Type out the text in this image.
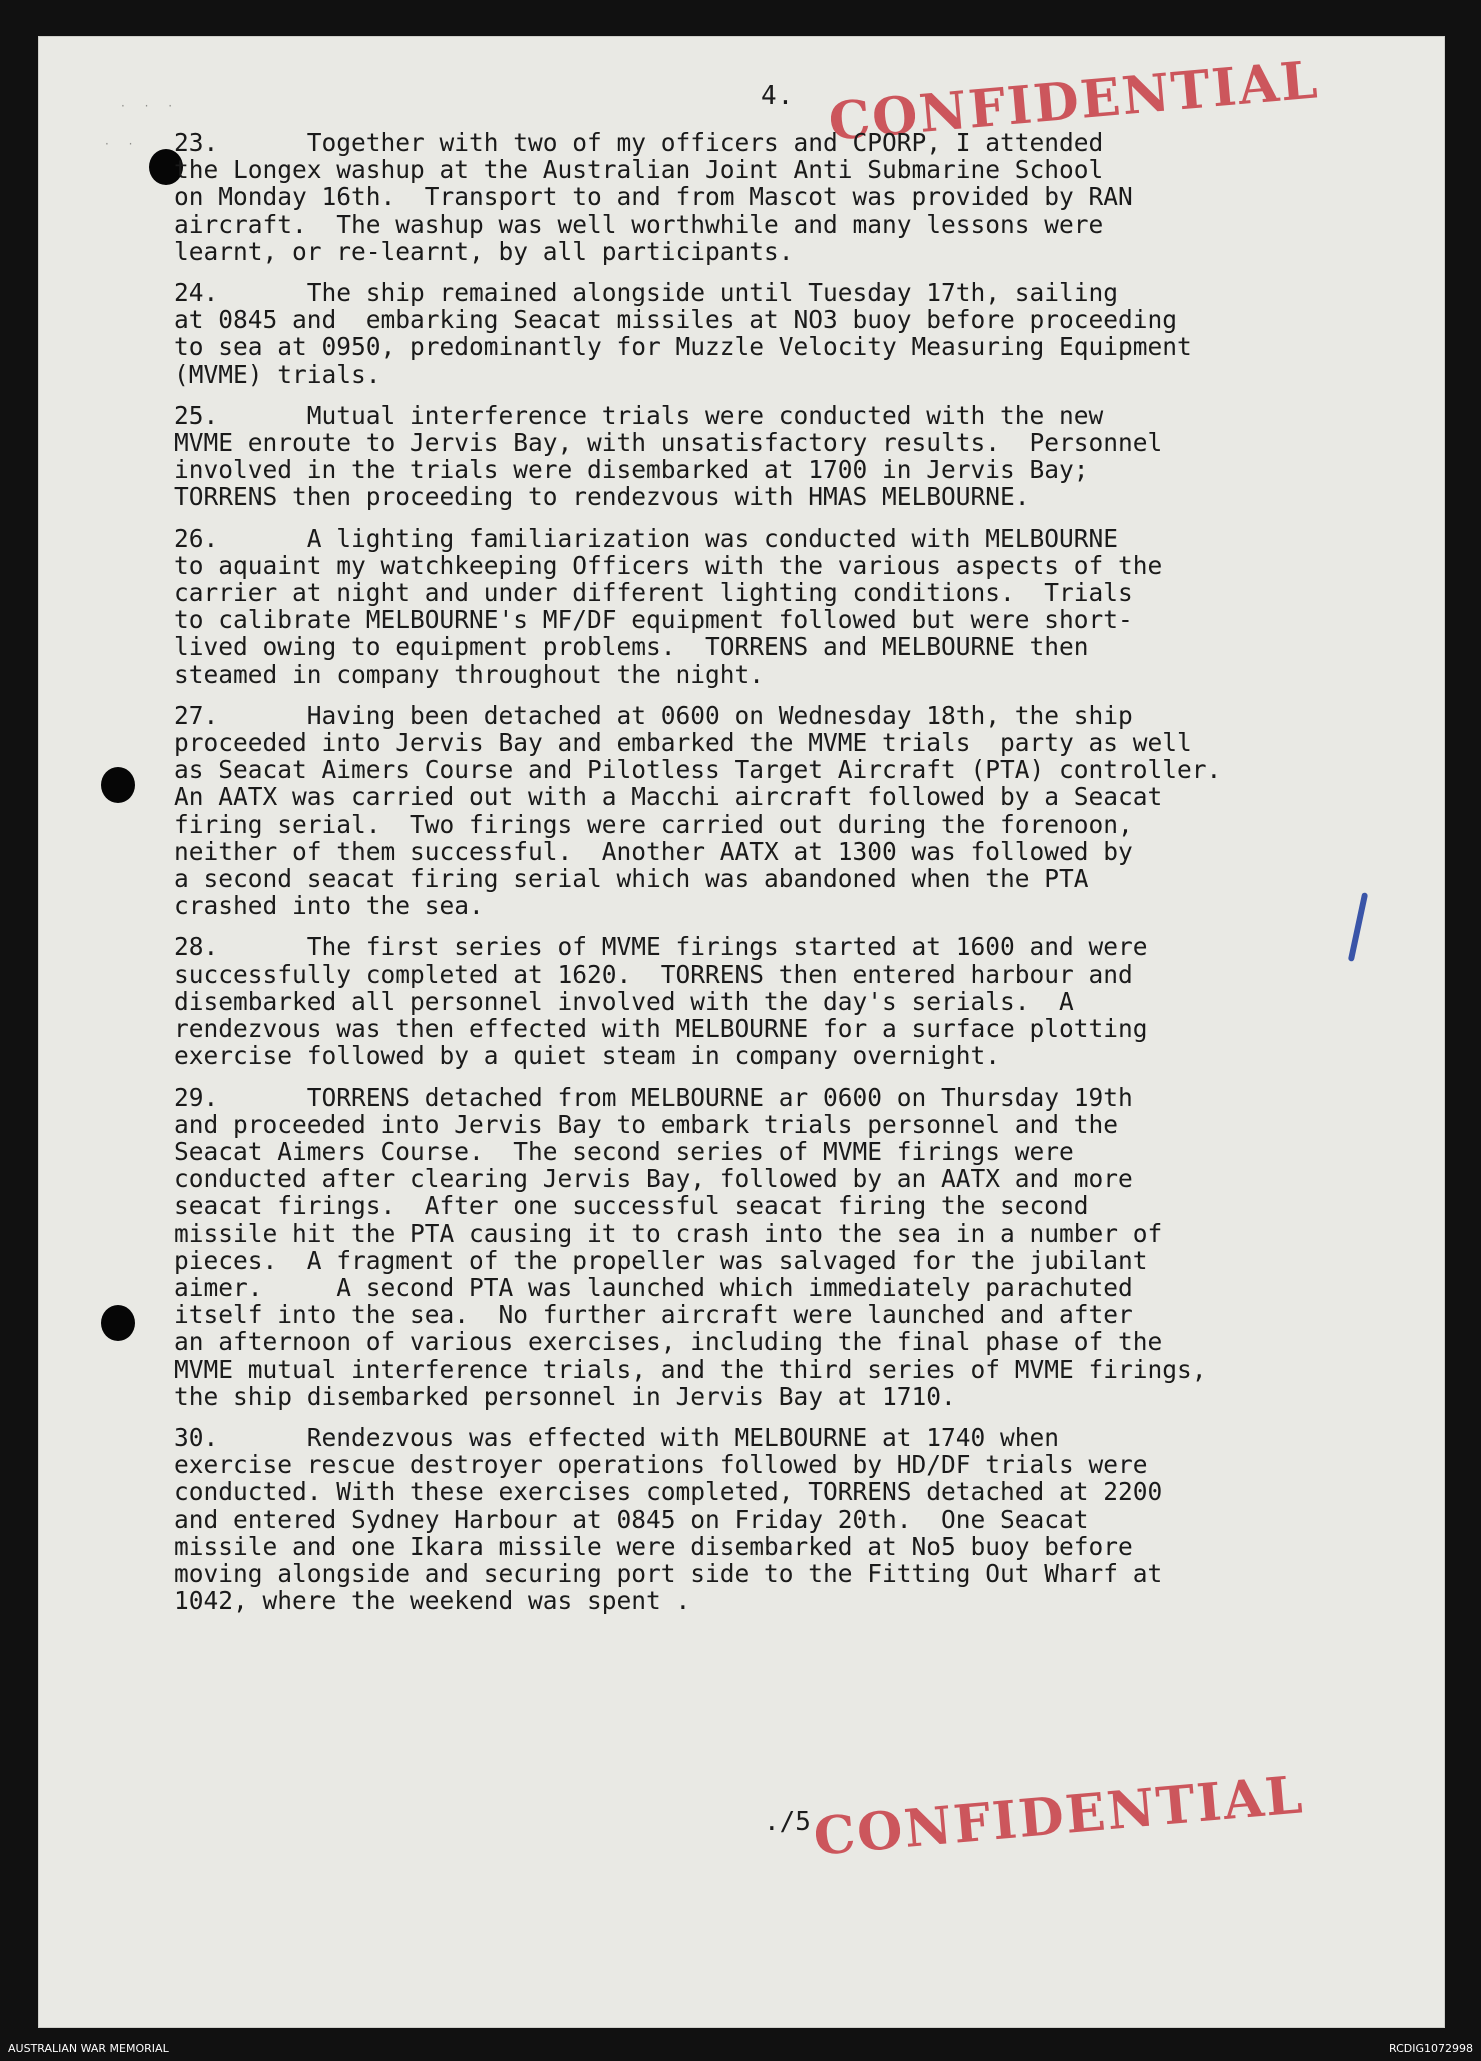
· · ·
· ·
4. CONFIDENTIAL
23.      Together with two of my officers and CPORP, I attended
the Longex washup at the Australian Joint Anti Submarine School
on Monday 16th.  Transport to and from Mascot was provided by RAN
aircraft.  The washup was well worthwhile and many lessons were
learnt, or re-learnt, by all participants.
24.      The ship remained alongside until Tuesday 17th, sailing
at 0845 and  embarking Seacat missiles at NO3 buoy before proceeding
to sea at 0950, predominantly for Muzzle Velocity Measuring Equipment
(MVME) trials.
25.      Mutual interference trials were conducted with the new
MVME enroute to Jervis Bay, with unsatisfactory results.  Personnel
involved in the trials were disembarked at 1700 in Jervis Bay;
TORRENS then proceeding to rendezvous with HMAS MELBOURNE.
26.      A lighting familiarization was conducted with MELBOURNE
to aquaint my watchkeeping Officers with the various aspects of the
carrier at night and under different lighting conditions.  Trials
to calibrate MELBOURNE's MF/DF equipment followed but were short-
lived owing to equipment problems.  TORRENS and MELBOURNE then
steamed in company throughout the night.
27.      Having been detached at 0600 on Wednesday 18th, the ship
proceeded into Jervis Bay and embarked the MVME trials  party as well
as Seacat Aimers Course and Pilotless Target Aircraft (PTA) controller.
An AATX was carried out with a Macchi aircraft followed by a Seacat
firing serial.  Two firings were carried out during the forenoon,
neither of them successful.  Another AATX at 1300 was followed by
a second seacat firing serial which was abandoned when the PTA
crashed into the sea.
28.      The first series of MVME firings started at 1600 and were
successfully completed at 1620.  TORRENS then entered harbour and
disembarked all personnel involved with the day's serials.  A
rendezvous was then effected with MELBOURNE for a surface plotting
exercise followed by a quiet steam in company overnight.
29.      TORRENS detached from MELBOURNE ar 0600 on Thursday 19th
and proceeded into Jervis Bay to embark trials personnel and the
Seacat Aimers Course.  The second series of MVME firings were
conducted after clearing Jervis Bay, followed by an AATX and more
seacat firings.  After one successful seacat firing the second
missile hit the PTA causing it to crash into the sea in a number of
pieces.  A fragment of the propeller was salvaged for the jubilant
aimer.     A second PTA was launched which immediately parachuted
itself into the sea.  No further aircraft were launched and after
an afternoon of various exercises, including the final phase of the
MVME mutual interference trials, and the third series of MVME firings,
the ship disembarked personnel in Jervis Bay at 1710.
30.      Rendezvous was effected with MELBOURNE at 1740 when
exercise rescue destroyer operations followed by HD/DF trials were
conducted. With these exercises completed, TORRENS detached at 2200
and entered Sydney Harbour at 0845 on Friday 20th.  One Seacat
missile and one Ikara missile were disembarked at No5 buoy before
moving alongside and securing port side to the Fitting Out Wharf at
1042, where the weekend was spent .
./5 CONFIDENTIAL
AUSTRALIAN WAR MEMORIAL	RCDIG1072998
